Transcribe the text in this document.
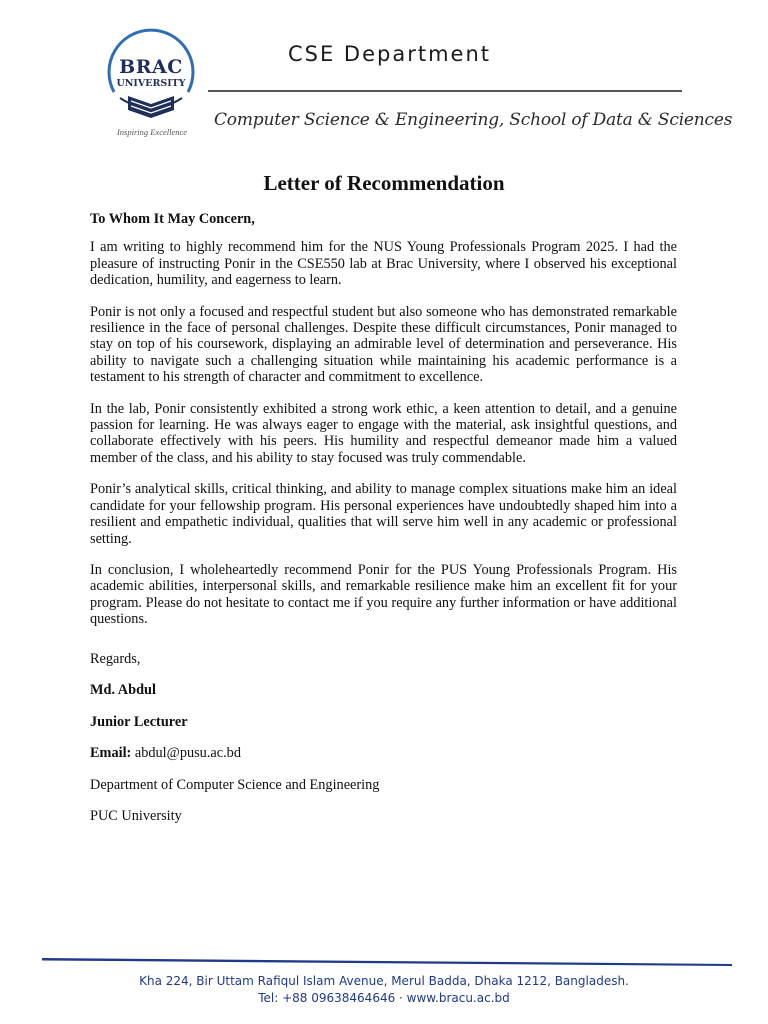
BRAC
UNIVERSITY
Inspiring Excellence
CSE Department
Computer Science & Engineering, School of Data & Sciences
Letter of Recommendation

To Whom It May Concern,

I am writing to highly recommend him for the NUS Young Professionals Program 2025. I had the pleasure of instructing Ponir in the CSE550 lab at Brac University, where I observed his exceptional dedication, humility, and eagerness to learn.

Ponir is not only a focused and respectful student but also someone who has demonstrated remarkable resilience in the face of personal challenges. Despite these difficult circumstances, Ponir managed to stay on top of his coursework, displaying an admirable level of determination and perseverance. His ability to navigate such a challenging situation while maintaining his academic performance is a testament to his strength of character and commitment to excellence.

In the lab, Ponir consistently exhibited a strong work ethic, a keen attention to detail, and a genuine passion for learning. He was always eager to engage with the material, ask insightful questions, and collaborate effectively with his peers. His humility and respectful demeanor made him a valued member of the class, and his ability to stay focused was truly commendable.

Ponir’s analytical skills, critical thinking, and ability to manage complex situations make him an ideal candidate for your fellowship program. His personal experiences have undoubtedly shaped him into a resilient and empathetic individual, qualities that will serve him well in any academic or professional setting.

In conclusion, I wholeheartedly recommend Ponir for the PUS Young Professionals Program. His academic abilities, interpersonal skills, and remarkable resilience make him an excellent fit for your program. Please do not hesitate to contact me if you require any further information or have additional questions.

Regards,
Md. Abdul
Junior Lecturer
Email: abdul@pusu.ac.bd
Department of Computer Science and Engineering
PUC University
Kha 224, Bir Uttam Rafiqul Islam Avenue, Merul Badda, Dhaka 1212, Bangladesh.
Tel: +88 09638464646 · www.bracu.ac.bd
